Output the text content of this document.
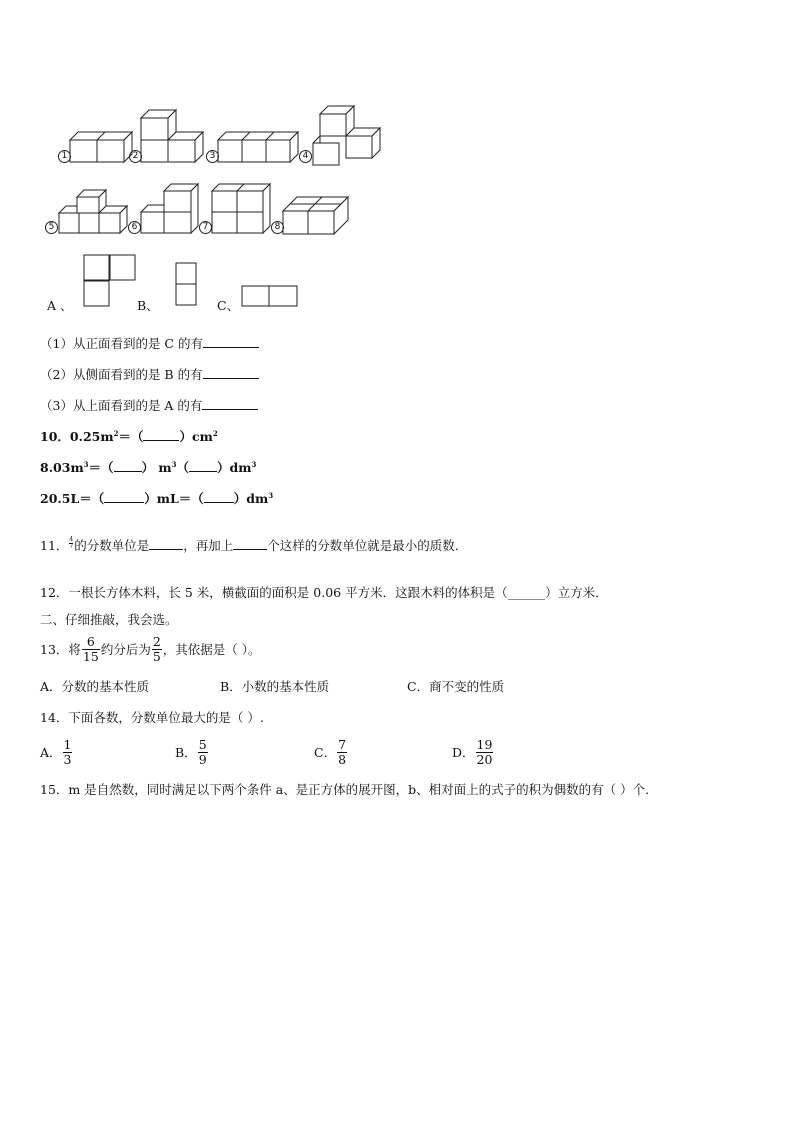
1	2	3	4
5	6	7	8
A 、	B、	C、
（1）从正面看到的是 C 的有
（2）从侧面看到的是 B 的有
（3）从上面看到的是 A 的有
10．$0.25m^2=$（	）$cm^2$
$8.03m^3=$（ ） $m^3$（ ）$dm^3$
20.5L＝（	）mL＝（ ）$dm^3$
11． $\frac{4}{7}$ 的分数单位是	，再加上	个这样的分数单位就是最小的质数．
12．一根长方体木料，长 5 米，横截面的面积是 0.06 平方米．这跟木料的体积是（______）立方米．
二、仔细推敲，我会选。
13．将 $\frac{6}{15}$ 约分后为 $\frac{2}{5}$ ，其依据是（ ）。
A．分数的基本性质	B．小数的基本性质	C．商不变的性质
14．下面各数，分数单位最大的是（ ）.
A． $\frac{1}{3}$	B． $\frac{5}{9}$	C． $\frac{7}{8}$	D． $\frac{19}{20}$
15．m 是自然数，同时满足以下两个条件 a、是正方体的展开图，b、相对面上的式子的积为偶数的有（ ）个．
